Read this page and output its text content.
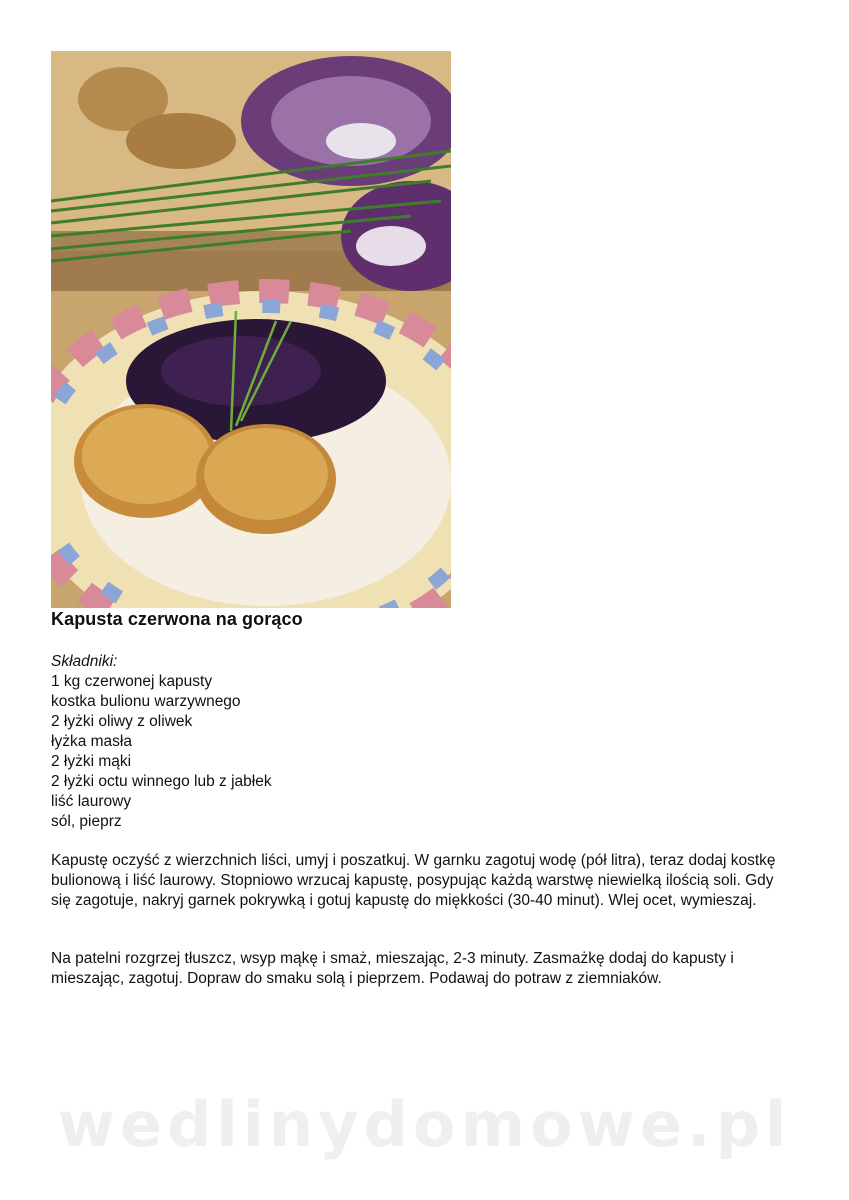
Kapusta czerwona na gorąco
Składniki:
1 kg czerwonej kapusty
kostka bulionu warzywnego
2 łyżki oliwy z oliwek
łyżka masła
2 łyżki mąki
2 łyżki octu winnego lub z jabłek
liść laurowy
sól, pieprz

Kapustę oczyść z wierzchnich liści, umyj i poszatkuj. W garnku zagotuj wodę (pół litra), teraz dodaj kostkę bulionową i liść laurowy. Stopniowo wrzucaj kapustę, posypując każdą warstwę niewielką ilością soli. Gdy się zagotuje, nakryj garnek pokrywką i gotuj kapustę do miękkości (30-40 minut). Wlej ocet, wymieszaj.

Na patelni rozgrzej tłuszcz, wsyp mąkę i smaż, mieszając, 2-3 minuty. Zasmażkę dodaj do kapusty i mieszając, zagotuj. Dopraw do smaku solą i pieprzem. Podawaj do potraw z ziemniaków.

wedlinydomowe.pl
